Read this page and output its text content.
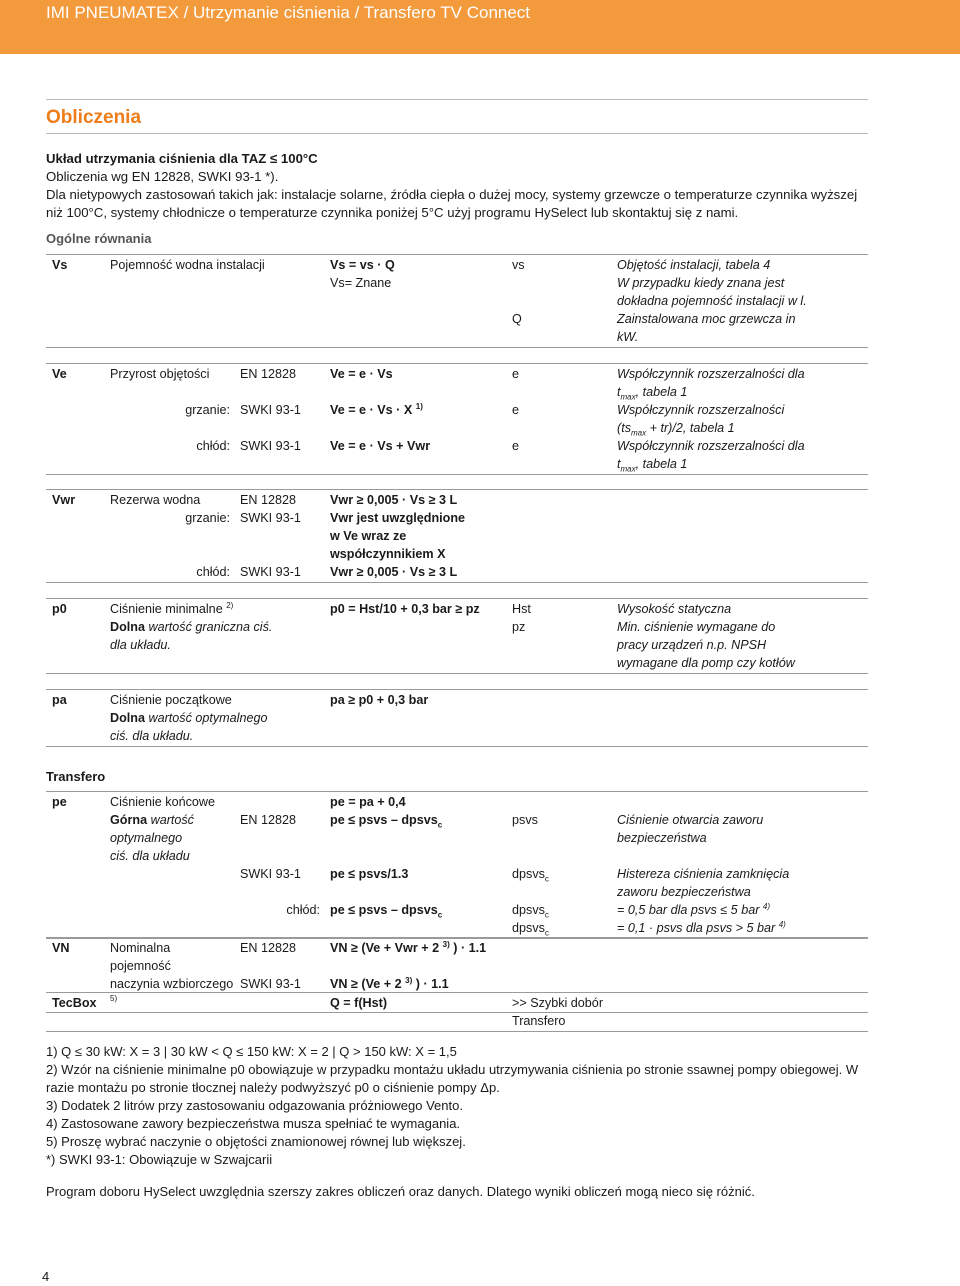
IMI PNEUMATEX / Utrzymanie ciśnienia / Transfero TV Connect
Obliczenia
Układ utrzymania ciśnienia dla TAZ ≤ 100°C
Obliczenia wg EN 12828, SWKI 93-1 *).
Dla nietypowych zastosowań takich jak: instalacje solarne, źródła ciepła o dużej mocy, systemy grzewcze o temperaturze czynnika wyższej niż 100°C, systemy chłodnicze o temperaturze czynnika poniżej 5°C użyj programu HySelect lub skontaktuj się z nami.
Ogólne równania
Vs	Pojemność wodna instalacji	Vs = vs · Q	vs	Objętość instalacji, tabela 4
		Vs= Znane		W przypadku kiedy znana jest
dokładna pojemność instalacji w l.
			Q	Zainstalowana moc grzewcza in
kW.
Ve	Przyrost objętości	EN 12828	Ve = e · Vs	e	Współczynnik rozszerzalności dla
$t_{max}$, tabela 1
	grzanie:	SWKI 93-1	Ve = e · Vs · X $^{1)}$	e	Współczynnik rozszerzalności
$(ts_{max} + tr)/2$, tabela 1
	chłód:	SWKI 93-1	Ve = e · Vs + Vwr	e	Współczynnik rozszerzalności dla
$t_{max}$, tabela 1
Vwr	Rezerwa wodna	EN 12828	Vwr ≥ 0,005 · Vs ≥ 3 L		
	grzanie:	SWKI 93-1	Vwr jest uwzględnione
w Ve wraz ze
współczynnikiem X		
	chłód:	SWKI 93-1	Vwr ≥ 0,005 · Vs ≥ 3 L		
p0	Ciśnienie minimalne $^{2)}$	p0 = Hst/10 + 0,3 bar ≥ pz	Hst	Wysokość statyczna
	Dolna wartość graniczna ciś.
dla układu.		pz	Min. ciśnienie wymagane do
pracy urządzeń n.p. NPSH
wymagane dla pomp czy kotłów
pa	Ciśnienie początkowe
Dolna wartość optymalnego
ciś. dla układu.	pa ≥ p0 + 0,3 bar		
Transfero
pe	Ciśnienie końcowe		pe = pa + 0,4		
	Górna wartość optymalnego
ciś. dla układu	EN 12828	pe ≤ psvs – dpsvs$_c$	psvs	Ciśnienie otwarcia zaworu
bezpieczeństwa
		SWKI 93-1	pe ≤ psvs/1.3	dpsvs$_c$	Histereza ciśnienia zamknięcia
zaworu bezpieczeństwa
	chłód:		pe ≤ psvs – dpsvs$_c$	dpsvs$_c$	= 0,5 bar dla psvs ≤ 5 bar $^{4)}$
				dpsvs$_c$	= 0,1 · psvs dla psvs > 5 bar $^{4)}$
VN	Nominalna pojemność	EN 12828	VN ≥ (Ve + Vwr + 2 $^{3)}$ ) · 1.1		
	naczynia wzbiorczego $^{5)}$	SWKI 93-1	VN ≥ (Ve + 2 $^{3)}$ ) · 1.1		
TecBox			Q = f(Hst)	>> Szybki dobór
Transfero
1) Q ≤ 30 kW: X = 3 | 30 kW < Q ≤ 150 kW: X = 2 | Q > 150 kW: X = 1,5
2) Wzór na ciśnienie minimalne p0 obowiązuje w przypadku montażu układu utrzymywania ciśnienia po stronie ssawnej pompy obiegowej. W razie montażu po stronie tłocznej należy podwyższyć p0 o ciśnienie pompy Δp.
3) Dodatek 2 litrów przy zastosowaniu odgazowania próżniowego Vento.
4) Zastosowane zawory bezpieczeństwa musza spełniać te wymagania.
5) Proszę wybrać naczynie o objętości znamionowej równej lub większej.
*) SWKI 93-1: Obowiązuje w Szwajcarii
Program doboru HySelect uwzględnia szerszy zakres obliczeń oraz danych. Dlatego wyniki obliczeń mogą nieco się różnić.
4
